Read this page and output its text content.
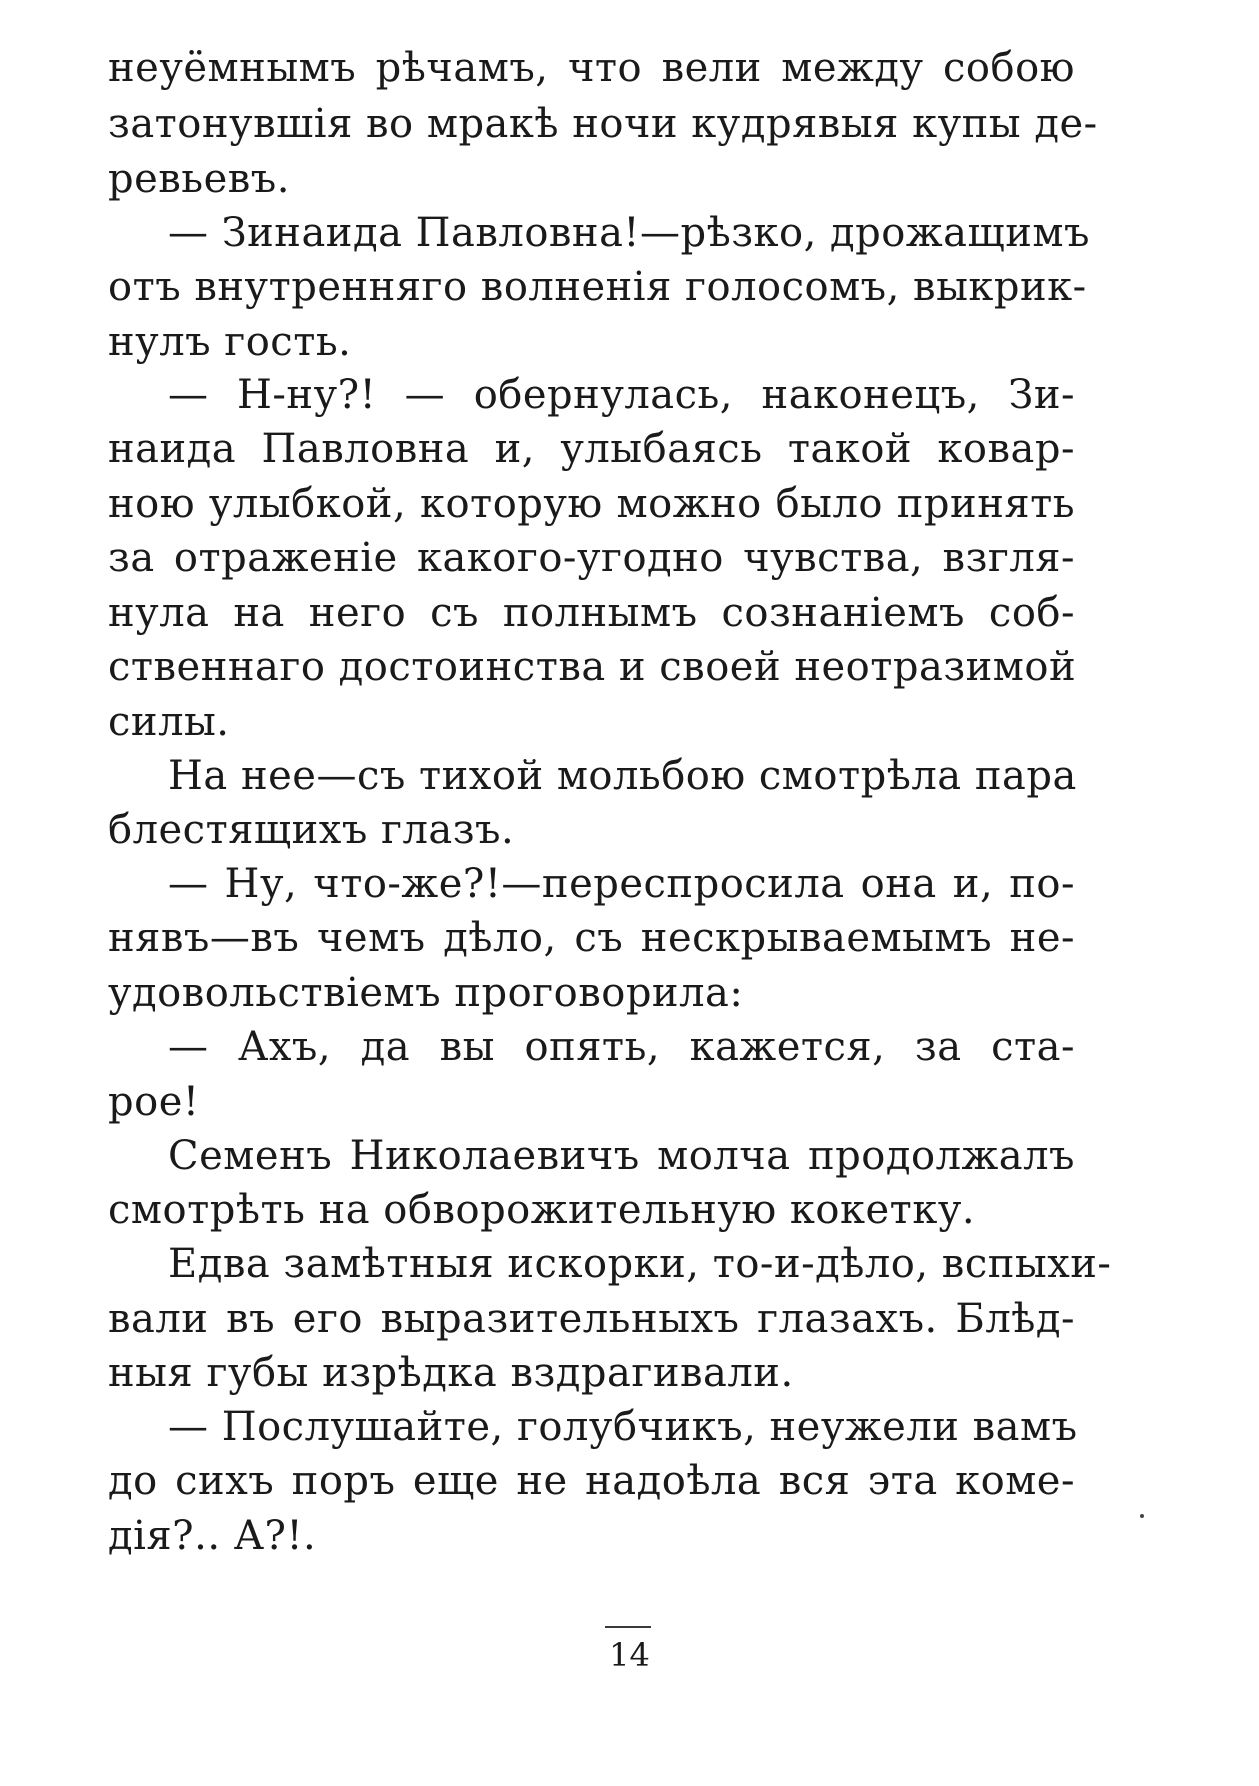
неуёмнымъ рѣчамъ, что вели между собою
затонувшія во мракѣ ночи кудрявыя купы де-
ревьевъ.
— Зинаида Павловна!—рѣзко, дрожащимъ
отъ внутренняго волненія голосомъ, выкрик-
нулъ гость.
— Н-ну?! — обернулась, наконецъ, Зи-
наида Павловна и, улыбаясь такой ковар-
ною улыбкой, которую можно было принять
за отраженіе какого-угодно чувства, взгля-
нула на него съ полнымъ сознаніемъ соб-
ственнаго достоинства и своей неотразимой
силы.
На нее—съ тихой мольбою смотрѣла пара
блестящихъ глазъ.
— Ну, что-же?!—переспросила она и, по-
нявъ—въ чемъ дѣло, съ нескрываемымъ не-
удовольствіемъ проговорила:
— Ахъ, да вы опять, кажется, за ста-
рое!
Семенъ Николаевичъ молча продолжалъ
смотрѣть на обворожительную кокетку.
Едва замѣтныя искорки, то-и-дѣло, вспыхи-
вали въ его выразительныхъ глазахъ. Блѣд-
ныя губы изрѣдка вздрагивали.
— Послушайте, голубчикъ, неужели вамъ
до сихъ поръ еще не надоѣла вся эта коме-
дія?.. А?!.
14
